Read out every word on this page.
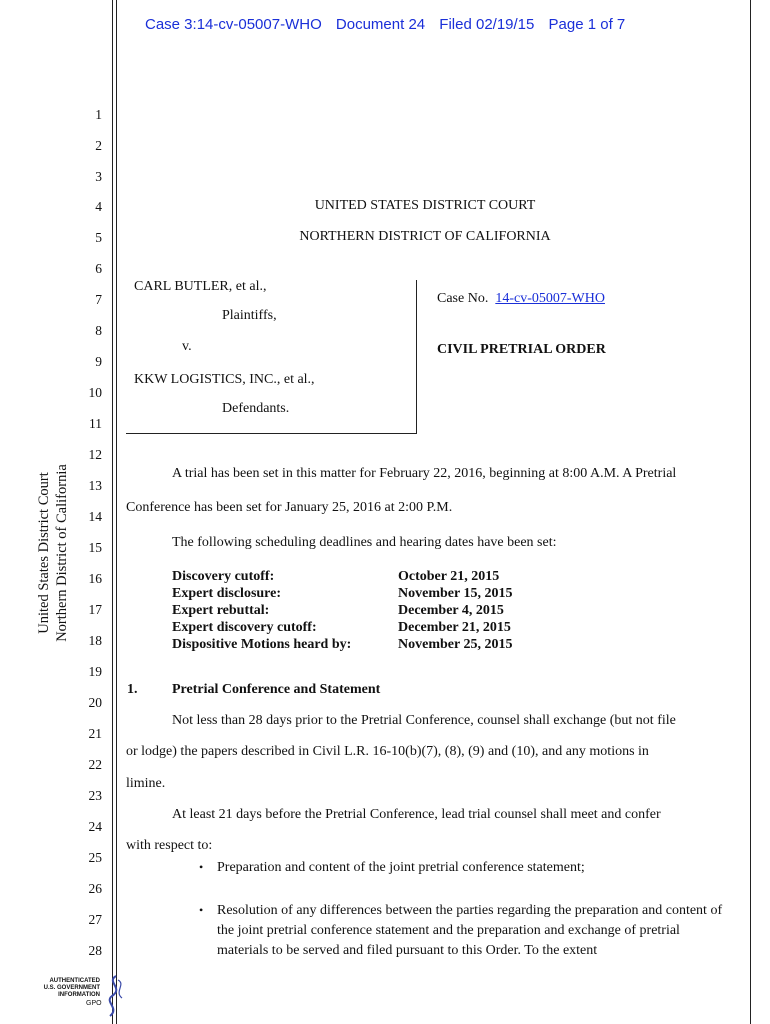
Case 3:14-cv-05007-WHO Document 24 Filed 02/19/15 Page 1 of 7
1
2
3
4
5
6
7
8
9
10
11
12
13
14
15
16
17
18
19
20
21
22
23
24
25
26
27
28
United States District Court Northern District of California
UNITED STATES DISTRICT COURT
NORTHERN DISTRICT OF CALIFORNIA
CARL BUTLER, et al.,
Plaintiffs,
v.
KKW LOGISTICS, INC., et al.,
Defendants.
Case No. 14-cv-05007-WHO
CIVIL PRETRIAL ORDER
A trial has been set in this matter for February 22, 2016, beginning at 8:00 A.M. A Pretrial
Conference has been set for January 25, 2016 at 2:00 P.M.
The following scheduling deadlines and hearing dates have been set:
Discovery cutoff:	October 21, 2015
Expert disclosure:	November 15, 2015
Expert rebuttal:	December 4, 2015
Expert discovery cutoff:	December 21, 2015
Dispositive Motions heard by:	November 25, 2015
1. Pretrial Conference and Statement
Not less than 28 days prior to the Pretrial Conference, counsel shall exchange (but not file
or lodge) the papers described in Civil L.R. 16-10(b)(7), (8), (9) and (10), and any motions in
limine.
At least 21 days before the Pretrial Conference, lead trial counsel shall meet and confer
with respect to:
• Preparation and content of the joint pretrial conference statement;
• Resolution of any differences between the parties regarding the preparation and content of the joint pretrial conference statement and the preparation and exchange of pretrial materials to be served and filed pursuant to this Order. To the extent
AUTHENTICATED
U.S. GOVERNMENT
INFORMATION
GPO
